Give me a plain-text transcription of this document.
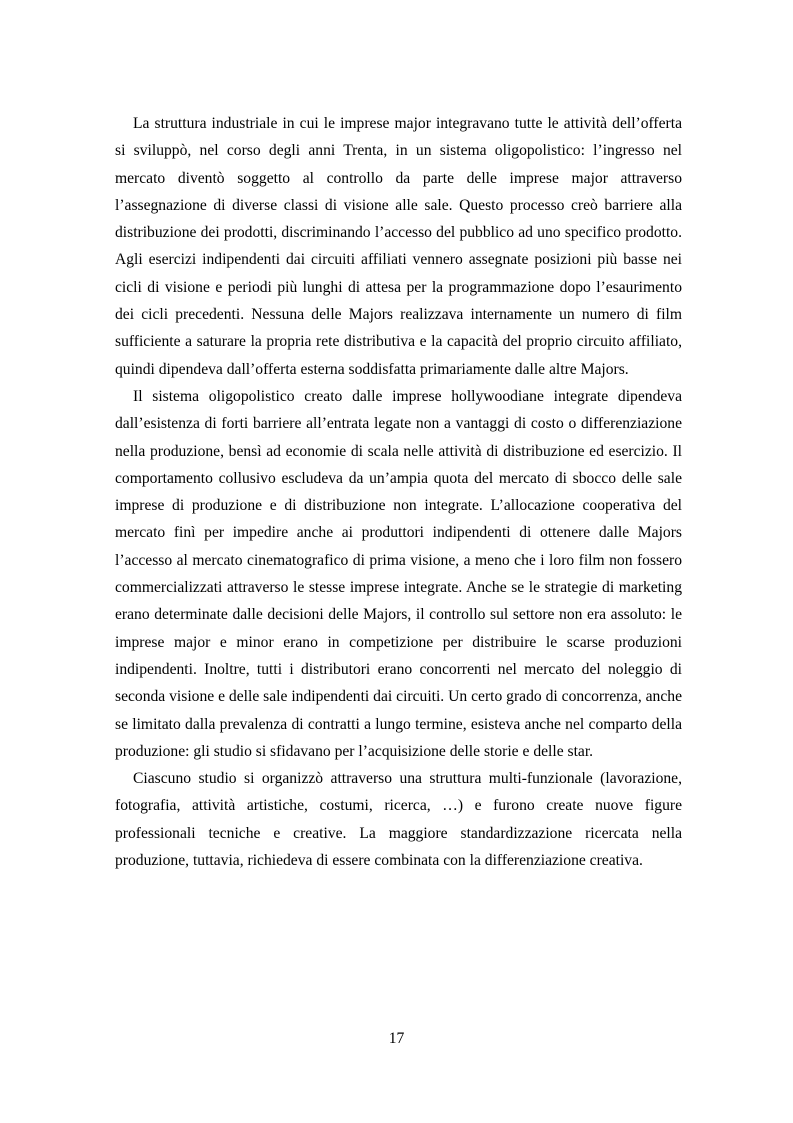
La struttura industriale in cui le imprese major integravano tutte le attività dell’offerta si sviluppò, nel corso degli anni Trenta, in un sistema oligopolistico: l’ingresso nel mercato diventò soggetto al controllo da parte delle imprese major attraverso l’assegnazione di diverse classi di visione alle sale. Questo processo creò barriere alla distribuzione dei prodotti, discriminando l’accesso del pubblico ad uno specifico prodotto. Agli esercizi indipendenti dai circuiti affiliati vennero assegnate posizioni più basse nei cicli di visione e periodi più lunghi di attesa per la programmazione dopo l’esaurimento dei cicli precedenti. Nessuna delle Majors realizzava internamente un numero di film sufficiente a saturare la propria rete distributiva e la capacità del proprio circuito affiliato, quindi dipendeva dall’offerta esterna soddisfatta primariamente dalle altre Majors.

Il sistema oligopolistico creato dalle imprese hollywoodiane integrate dipendeva dall’esistenza di forti barriere all’entrata legate non a vantaggi di costo o differenziazione nella produzione, bensì ad economie di scala nelle attività di distribuzione ed esercizio. Il comportamento collusivo escludeva da un’ampia quota del mercato di sbocco delle sale imprese di produzione e di distribuzione non integrate. L’allocazione cooperativa del mercato finì per impedire anche ai produttori indipendenti di ottenere dalle Majors l’accesso al mercato cinematografico di prima visione, a meno che i loro film non fossero commercializzati attraverso le stesse imprese integrate. Anche se le strategie di marketing erano determinate dalle decisioni delle Majors, il controllo sul settore non era assoluto: le imprese major e minor erano in competizione per distribuire le scarse produzioni indipendenti. Inoltre, tutti i distributori erano concorrenti nel mercato del noleggio di seconda visione e delle sale indipendenti dai circuiti. Un certo grado di concorrenza, anche se limitato dalla prevalenza di contratti a lungo termine, esisteva anche nel comparto della produzione: gli studio si sfidavano per l’acquisizione delle storie e delle star.

Ciascuno studio si organizzò attraverso una struttura multi-funzionale (lavorazione, fotografia, attività artistiche, costumi, ricerca, …) e furono create nuove figure professionali tecniche e creative. La maggiore standardizzazione ricercata nella produzione, tuttavia, richiedeva di essere combinata con la differenziazione creativa.

17
